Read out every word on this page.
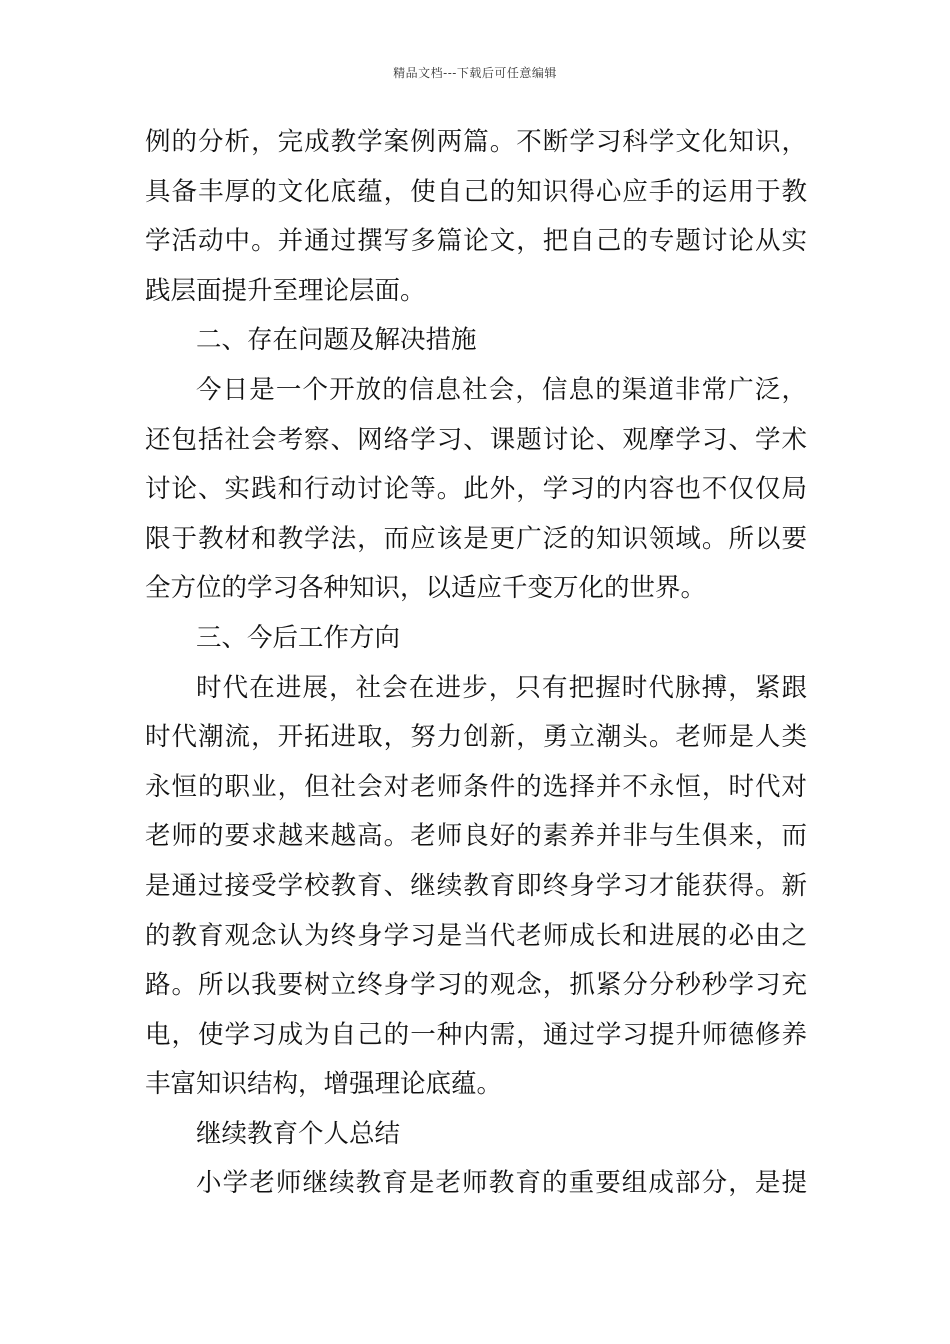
精品文档---下载后可任意编辑
例的分析，完成教学案例两篇。不断学习科学文化知识，
具备丰厚的文化底蕴，使自己的知识得心应手的运用于教
学活动中。并通过撰写多篇论文，把自己的专题讨论从实
践层面提升至理论层面。
二、存在问题及解决措施
今日是一个开放的信息社会，信息的渠道非常广泛，
还包括社会考察、网络学习、课题讨论、观摩学习、学术
讨论、实践和行动讨论等。此外，学习的内容也不仅仅局
限于教材和教学法，而应该是更广泛的知识领域。所以要
全方位的学习各种知识，以适应千变万化的世界。
三、今后工作方向
时代在进展，社会在进步，只有把握时代脉搏，紧跟
时代潮流，开拓进取，努力创新，勇立潮头。老师是人类
永恒的职业，但社会对老师条件的选择并不永恒，时代对
老师的要求越来越高。老师良好的素养并非与生俱来，而
是通过接受学校教育、继续教育即终身学习才能获得。新
的教育观念认为终身学习是当代老师成长和进展的必由之
路。所以我要树立终身学习的观念，抓紧分分秒秒学习充
电，使学习成为自己的一种内需，通过学习提升师德修养
丰富知识结构，增强理论底蕴。
继续教育个人总结
小学老师继续教育是老师教育的重要组成部分，是提
